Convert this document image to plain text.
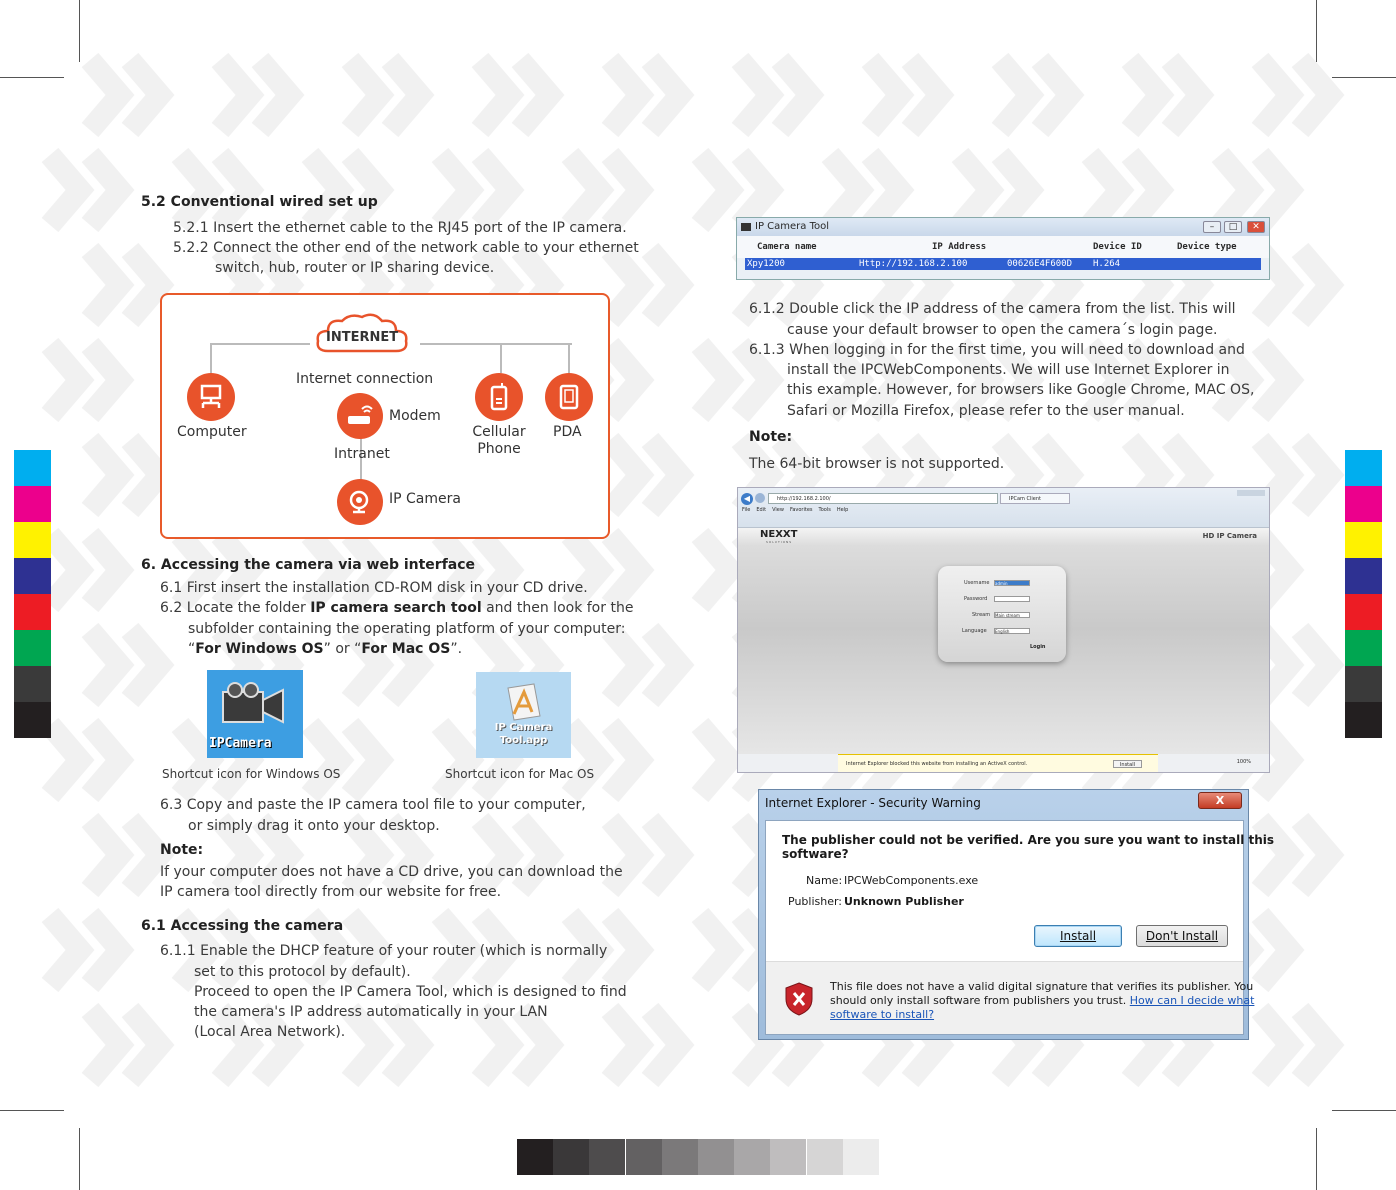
5.2 Conventional wired set up
5.2.1 Insert the ethernet cable to the RJ45 port of the IP camera.
5.2.2 Connect the other end of the network cable to your ethernet
switch, hub, router or IP sharing device.
INTERNET
Internet connection
Computer
Modem
Intranet
Cellular
Phone
PDA
IP Camera
6. Accessing the camera via web interface
6.1 First insert the installation CD-ROM disk in your CD drive.
6.2 Locate the folder IP camera search tool and then look for the
subfolder containing the operating platform of your computer:
“For Windows OS” or “For Mac OS”.
IPCamera
IP Camera
Tool.app
Shortcut icon for Windows OS	Shortcut icon for Mac OS
6.3 Copy and paste the IP camera tool file to your computer,
or simply drag it onto your desktop.
Note:
If your computer does not have a CD drive, you can download the
IP camera tool directly from our website for free.
6.1 Accessing the camera
6.1.1 Enable the DHCP feature of your router (which is normally
set to this protocol by default).
Proceed to open the IP Camera Tool, which is designed to find
the camera's IP address automatically in your LAN
(Local Area Network).
IP Camera Tool	–	□	✕
Camera name	IP Address	Device ID	Device type
Xpy1200	Http://192.168.2.100	00626E4F600D H.264
6.1.2 Double click the IP address of the camera from the list. This will
cause your default browser to open the camera´s login page.
6.1.3 When logging in for the first time, you will need to download and
install the IPCWebComponents. We will use Internet Explorer in
this example. However, for browsers like Google Chrome, MAC OS,
Safari or Mozilla Firefox, please refer to the user manual.
Note:
The 64-bit browser is not supported.
◀	http://192.168.2.100/	IPCam Client
File Edit View Favorites Tools Help
NEXXT
SOLUTIONS
HD IP Camera
Username admin
Password
Stream Main stream
Language English
Login
100%
Internet Explorer blocked this website from installing an ActiveX control.	Install
Internet Explorer - Security Warning	X
The publisher could not be verified. Are you sure you want to install this
software?
Name: IPCWebComponents.exe
Publisher: Unknown Publisher
Install	Don't Install
This file does not have a valid digital signature that verifies its publisher. You
should only install software from publishers you trust. How can I decide what
software to install?
